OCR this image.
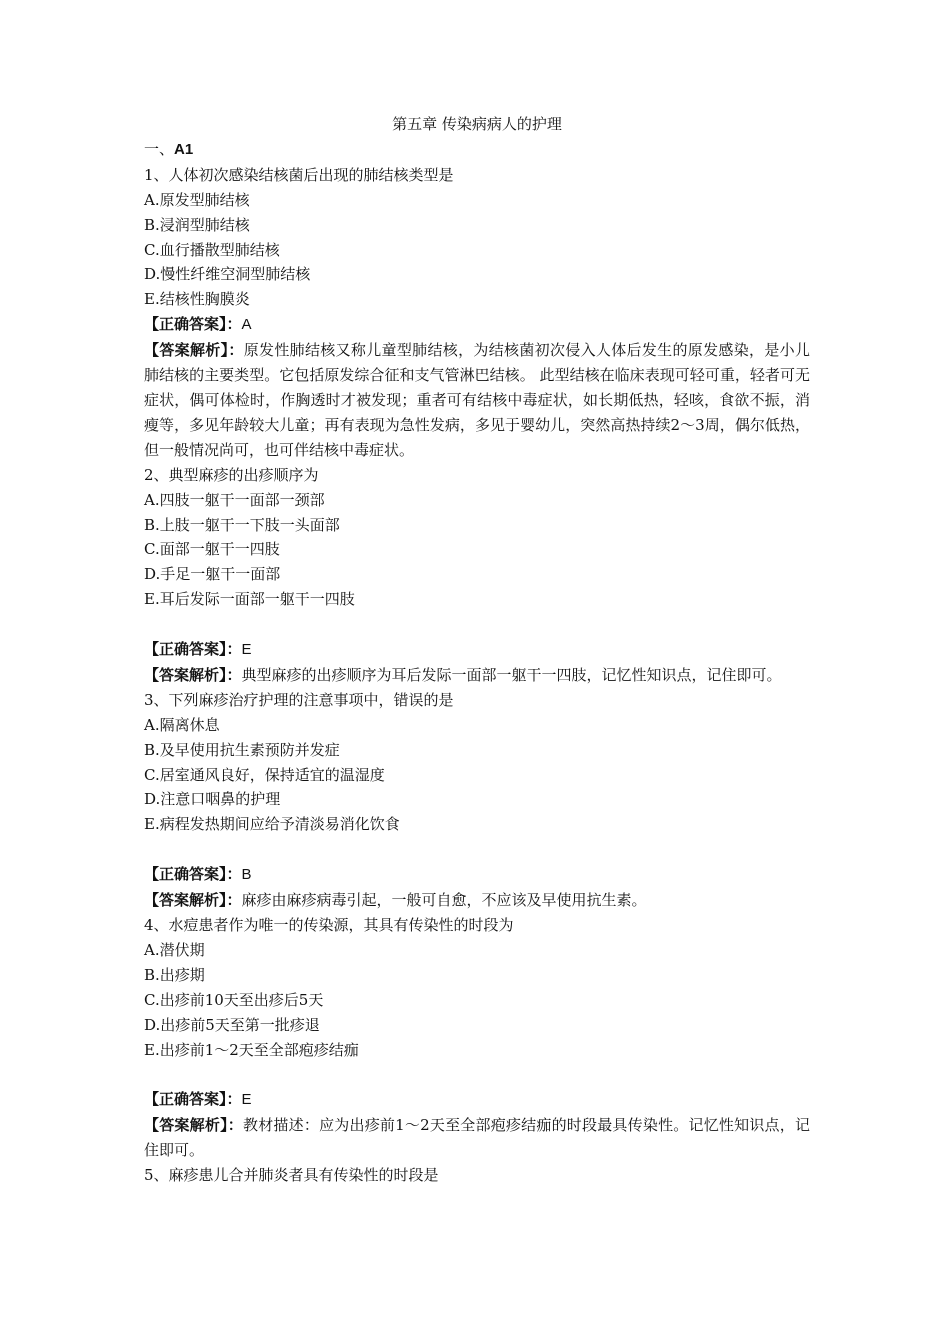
第五章 传染病病人的护理

一、A1

1、人体初次感染结核菌后出现的肺结核类型是

A.原发型肺结核

B.浸润型肺结核

C.血行播散型肺结核

D.慢性纤维空洞型肺结核

E.结核性胸膜炎

【正确答案】：A

【答案解析】：原发性肺结核又称儿童型肺结核，为结核菌初次侵入人体后发生的原发感染，是小儿肺结核的主要类型。它包括原发综合征和支气管淋巴结核。 此型结核在临床表现可轻可重，轻者可无症状，偶可体检时，作胸透时才被发现；重者可有结核中毒症状，如长期低热，轻咳，食欲不振，消瘦等，多见年龄较大儿童；再有表现为急性发病，多见于婴幼儿，突然高热持续2～3周，偶尔低热，但一般情况尚可，也可伴结核中毒症状。

2、典型麻疹的出疹顺序为

A.四肢一躯干一面部一颈部

B.上肢一躯干一下肢一头面部

C.面部一躯干一四肢

D.手足一躯干一面部

E.耳后发际一面部一躯干一四肢

【正确答案】：E

【答案解析】：典型麻疹的出疹顺序为耳后发际一面部一躯干一四肢，记忆性知识点，记住即可。

3、下列麻疹治疗护理的注意事项中，错误的是

A.隔离休息

B.及早使用抗生素预防并发症

C.居室通风良好，保持适宜的温湿度

D.注意口咽鼻的护理

E.病程发热期间应给予清淡易消化饮食

【正确答案】：B

【答案解析】：麻疹由麻疹病毒引起，一般可自愈，不应该及早使用抗生素。

4、水痘患者作为唯一的传染源，其具有传染性的时段为

A.潜伏期

B.出疹期

C.出疹前10天至出疹后5天

D.出疹前5天至第一批疹退

E.出疹前1～2天至全部疱疹结痂

【正确答案】：E

【答案解析】：教材描述：应为出疹前1～2天至全部疱疹结痂的时段最具传染性。记忆性知识点，记住即可。

5、麻疹患儿合并肺炎者具有传染性的时段是
